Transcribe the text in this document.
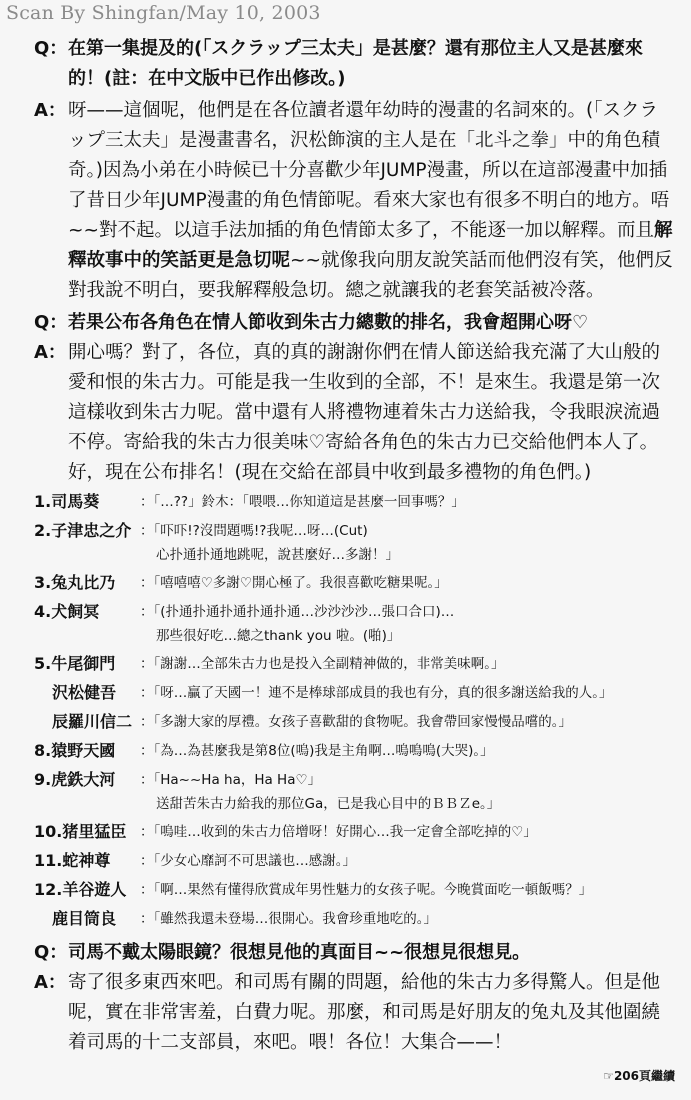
Scan By Shingfan/May 10, 2003
Q： 在第一集提及的(「スクラップ三太夫」是甚麼？還有那位主人又是甚麼來的！(註：在中文版中已作出修改。)
A： 呀——這個呢，他們是在各位讀者還年幼時的漫畫的名詞來的。(「スクラップ三太夫」是漫畫書名，沢松飾演的主人是在「北斗之拳」中的角色積奇。)因為小弟在小時候已十分喜歡少年JUMP漫畫，所以在這部漫畫中加插了昔日少年JUMP漫畫的角色情節呢。看來大家也有很多不明白的地方。唔~~對不起。以這手法加插的角色情節太多了，不能逐一加以解釋。而且解釋故事中的笑話更是急切呢~~就像我向朋友說笑話而他們沒有笑，他們反對我說不明白，要我解釋般急切。總之就讓我的老套笑話被冷落。
Q： 若果公布各角色在情人節收到朱古力總數的排名，我會超開心呀♡
A： 開心嗎？對了，各位，真的真的謝謝你們在情人節送給我充滿了大山般的愛和恨的朱古力。可能是我一生收到的全部，不！是來生。我還是第一次這樣收到朱古力呢。當中還有人將禮物連着朱古力送給我，令我眼淚流過不停。寄給我的朱古力很美味♡寄給各角色的朱古力已交給他們本人了。好，現在公布排名！(現在交給在部員中收到最多禮物的角色們。)
1.司馬葵	：「…??」鈴木：「喂喂…你知道這是甚麼一回事嗎？」
2.子津忠之介 ：「吓吓!?沒問題嗎!?我呢…呀…(Cut)
心扑通扑通地跳呢，說甚麼好…多謝！」
3.兔丸比乃	：「嘻嘻嘻♡多謝♡開心極了。我很喜歡吃糖果呢。」
4.犬飼冥	：「(扑通扑通扑通扑通扑通…沙沙沙沙…張口合口)…
那些很好吃…總之thank you 啦。(啪)」
5.牛尾御門	：「謝謝…全部朱古力也是投入全副精神做的，非常美味啊。」
沢松健吾	：「呀…贏了天國一！連不是棒球部成員的我也有分，真的很多謝送給我的人。」
辰羅川信二 ：「多謝大家的厚禮。女孩子喜歡甜的食物呢。我會帶回家慢慢品嚐的。」
8.猿野天國	：「為…為甚麼我是第8位(嗚)我是主角啊…嗚嗚嗚(大哭)。」
9.虎鉄大河	：「Ha~~Ha ha，Ha Ha♡」
送甜苦朱古力給我的那位Ga，已是我心目中的ＢＢＺe。」
10.猪里猛臣	：「嗚哇…收到的朱古力倍增呀！好開心…我一定會全部吃掉的♡」
11.蛇神尊	：「少女心靡訶不可思議也…感謝。」
12.羊谷遊人	：「啊…果然有懂得欣賞成年男性魅力的女孩子呢。今晚賞面吃一頓飯嗎？」
鹿目筒良	：「雖然我還未登場…很開心。我會珍重地吃的。」
Q： 司馬不戴太陽眼鏡？很想見他的真面目~~很想見很想見。
A： 寄了很多東西來吧。和司馬有關的問題，給他的朱古力多得驚人。但是他呢，實在非常害羞，白費力呢。那麼，和司馬是好朋友的兔丸及其他圍繞着司馬的十二支部員，來吧。喂！各位！大集合——！
☞206頁繼續
